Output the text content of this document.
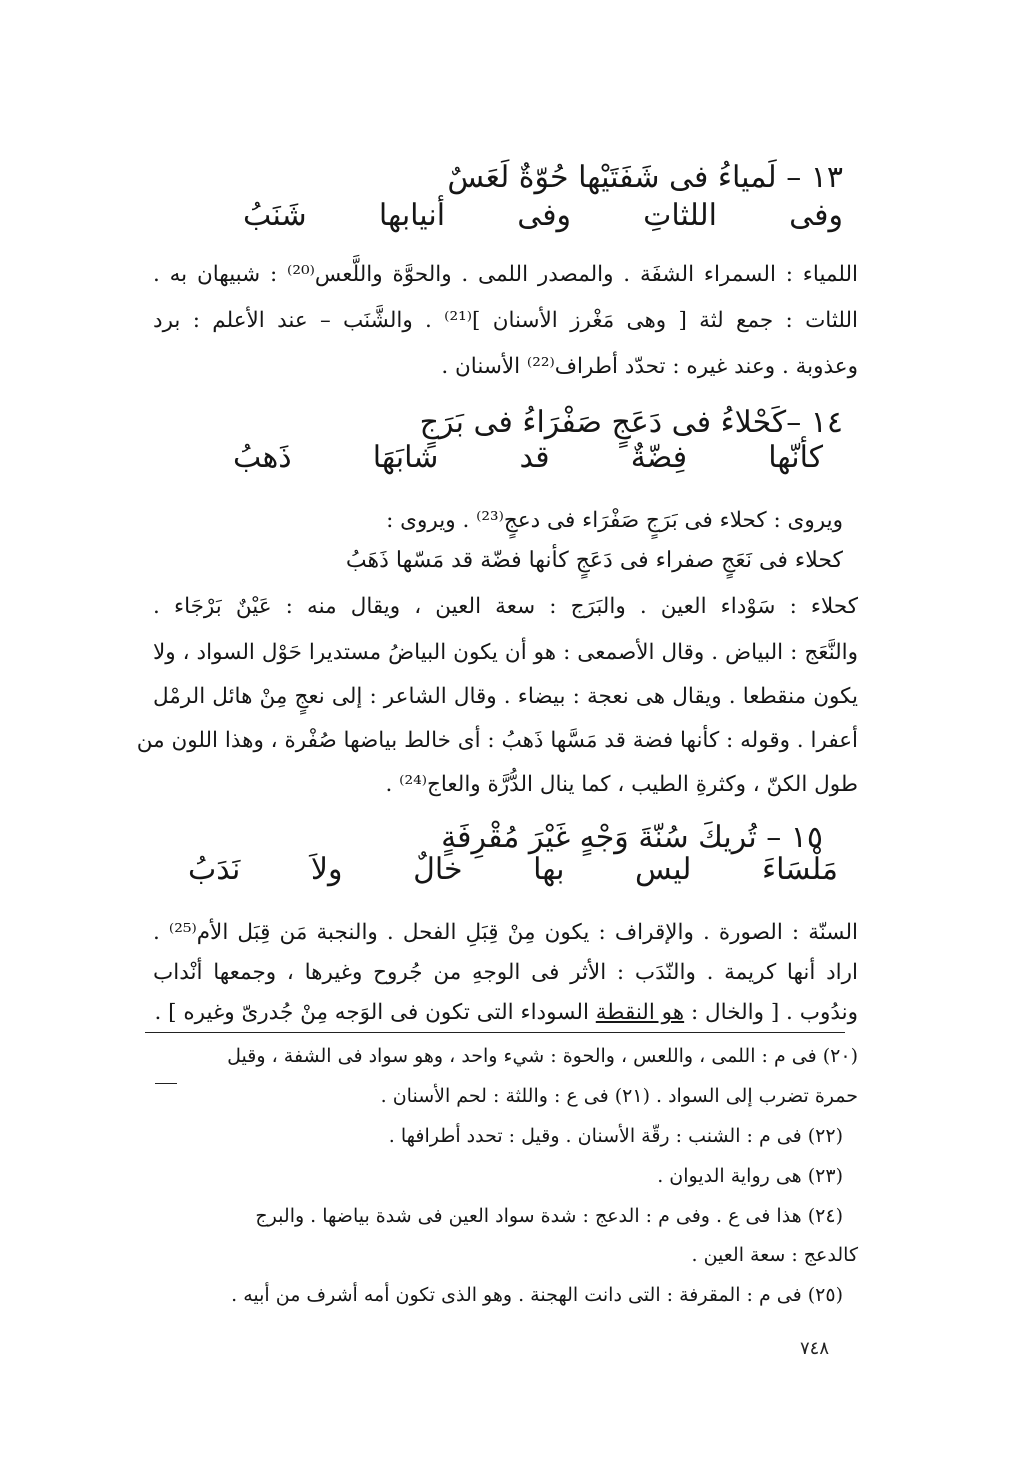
١٣ – لَمياءُ فى شَفَتَيْها حُوّةٌ لَعَسٌ
وفى
اللثاتِ
وفى
أنيابها
شَنَبُ
اللمياء : السمراء الشفَة . والمصدر اللمى . والحوَّة واللَّعس⁽²⁰⁾ : شبيهان به .
اللثات : جمع لثة [ وهى مَغْرز الأسنان ]⁽²¹⁾ . والشَّنَب – عند الأعلم : برد
وعذوبة . وعند غيره : تحدّد أطراف⁽²²⁾ الأسنان .
١٤ –كَحْلاءُ فى دَعَجٍ صَفْرَاءُ فى بَرَجٍ
كأنّها
فِضّةٌ
قد
شابَهَا
ذَهبُ
ويروى : كحلاء فى بَرَجٍ صَفْرَاء فى دعجٍ⁽²³⁾ . ويروى :
كحلاء فى نَعَجٍ صفراء فى دَعَجٍ كأنها فضّة قد مَسّها ذَهَبُ
كحلاء : سَوْداء العين . والبَرَج : سعة العين ، ويقال منه : عَيْنٌ بَرْجَاء .
والنَّعَج : البياض . وقال الأصمعى : هو أن يكون البياضُ مستديرا حَوْل السواد ، ولا
يكون منقطعا . ويقال هى نعجة : بيضاء . وقال الشاعر : إلى نعجٍ مِنْ هائل الرمْل
أعفرا . وقوله : كأنها فضة قد مَسَّها ذَهبُ : أى خالط بياضها صُفْرة ، وهذا اللون من
طول الكنّ ، وكثرةِ الطيب ، كما ينال الدُّرَّة والعاج⁽²⁴⁾ .
١٥ – تُريكَ سُنّةَ وَجْهٍ غَيْرَ مُقْرِفَةٍ
مَلْسَاءَ
ليس
بها
خالٌ
ولاَ
نَدَبُ
السنّة : الصورة . والإقراف : يكون مِنْ قِبَلِ الفحل . والنجبة مَن قِبَل الأم⁽²⁵⁾ .
اراد أنها كريمة . والنّدَب : الأثر فى الوجهِ من جُروح وغيرها ، وجمعها أنْداب
وندُوب . [ والخال : هو النقطة السوداء التى تكون فى الوَجه مِنْ جُدرىّ وغيره ] .
(٢٠) فى م : اللمى ، واللعس ، والحوة : شيء واحد ، وهو سواد فى الشفة ، وقيل
حمرة تضرب إلى السواد . (٢١) فى ع : واللثة : لحم الأسنان .
(٢٢) فى م : الشنب : رقّة الأسنان . وقيل : تحدد أطرافها .
(٢٣) هى رواية الديوان .
(٢٤) هذا فى ع . وفى م : الدعج : شدة سواد العين فى شدة بياضها . والبرج
كالدعج : سعة العين .
(٢٥) فى م : المقرفة : التى دانت الهجنة . وهو الذى تكون أمه أشرف من أبيه .
٧٤٨
